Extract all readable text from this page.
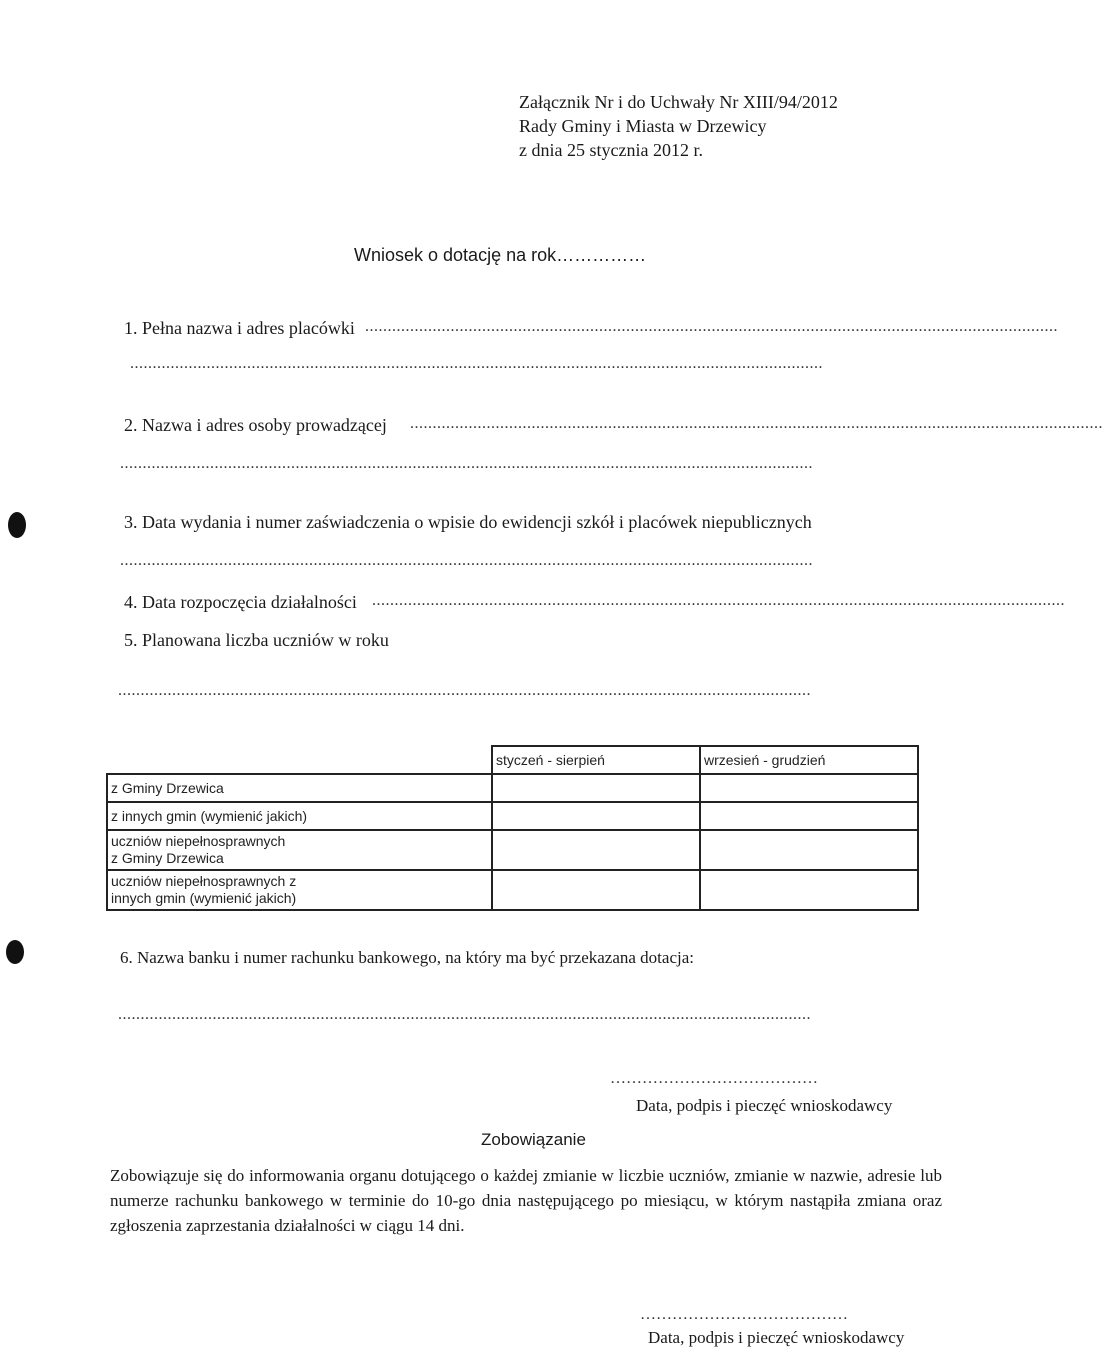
Załącznik Nr i do Uchwały Nr XIII/94/2012
Rady Gminy i Miasta w Drzewicy
z dnia 25 stycznia 2012 r.
Wniosek o dotację na rok……………
1. Pełna nazwa i adres placówki ..........................................................................................................................................................
..........................................................................................................................................................
2. Nazwa i adres osoby prowadzącej ..........................................................................................................................................................
..........................................................................................................................................................
3. Data wydania i numer zaświadczenia o wpisie do ewidencji szkół i placówek niepublicznych
..........................................................................................................................................................
4. Data rozpoczęcia działalności ..........................................................................................................................................................
5. Planowana liczba uczniów w roku
..........................................................................................................................................................
	styczeń - sierpień	wrzesień - grudzień
z Gminy Drzewica		
z innych gmin (wymienić jakich)		

uczniów niepełnosprawnych
z Gminy Drzewica		

uczniów niepełnosprawnych z
innych gmin (wymienić jakich)		

6. Nazwa banku i numer rachunku bankowego, na który ma być przekazana dotacja:
..........................................................................................................................................................
…………………………………
Data, podpis i pieczęć wnioskodawcy
Zobowiązanie
Zobowiązuje się do informowania organu dotującego o każdej zmianie w liczbie uczniów, zmianie w nazwie, adresie lub numerze rachunku bankowego w terminie do 10-go dnia następującego po miesiącu, w którym nastąpiła zmiana oraz zgłoszenia zaprzestania działalności w ciągu 14 dni.
…………………………………
Data, podpis i pieczęć wnioskodawcy
